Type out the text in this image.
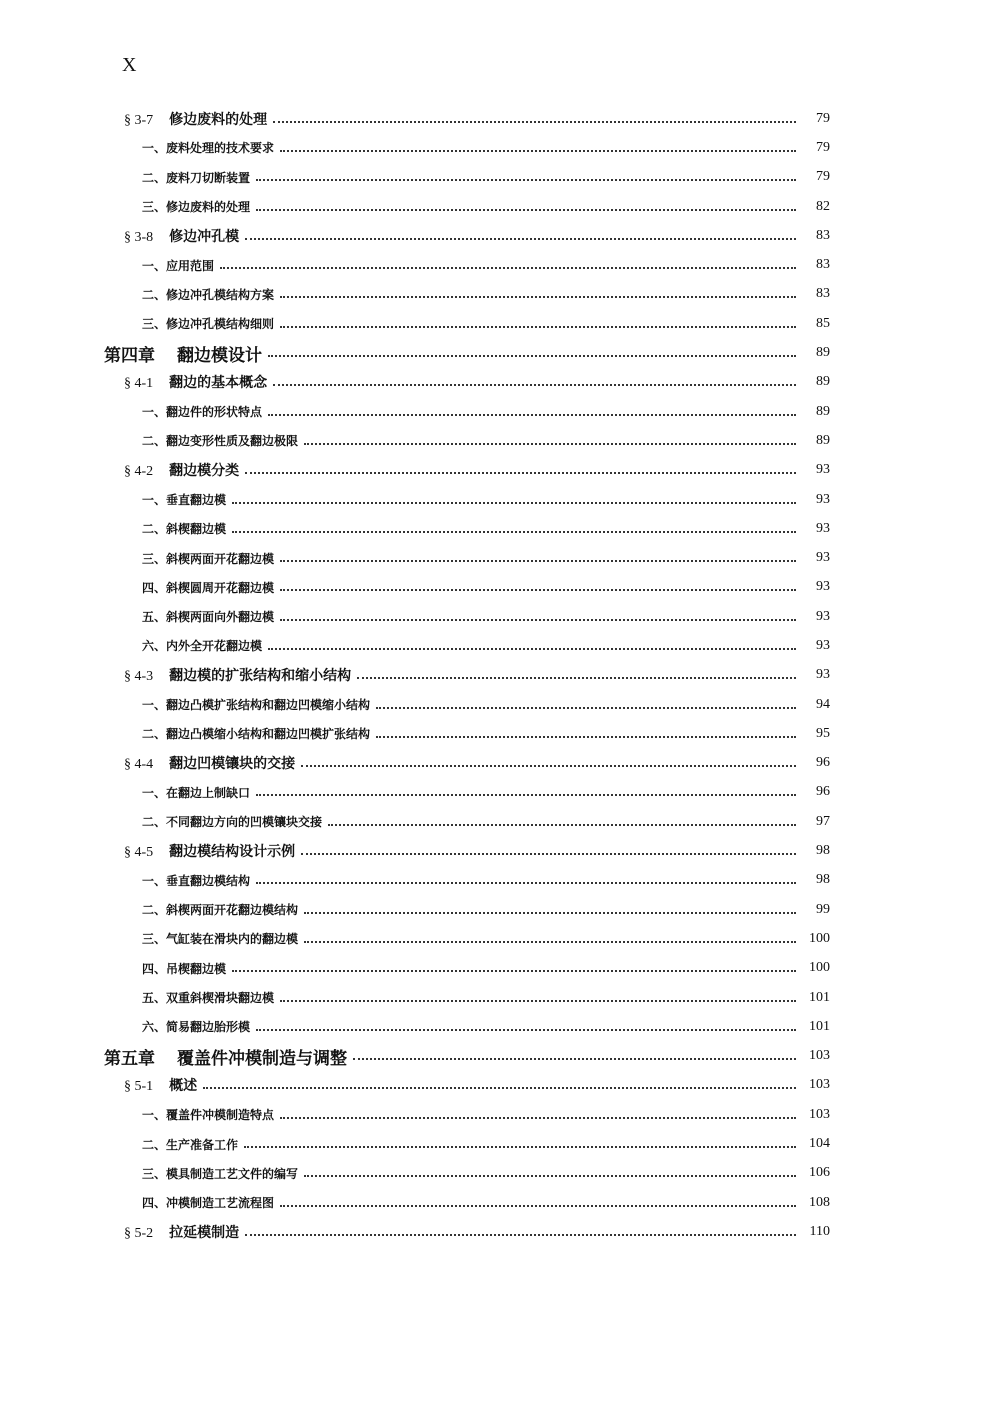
X
§ 3-7 修边废料的处理	79
一、废料处理的技术要求	79
二、废料刀切断装置	79
三、修边废料的处理	82
§ 3-8 修边冲孔模	83
一、应用范围	83
二、修边冲孔模结构方案	83
三、修边冲孔模结构细则	85
第四章 翻边模设计	89
§ 4-1 翻边的基本概念	89
一、翻边件的形状特点	89
二、翻边变形性质及翻边极限	89
§ 4-2 翻边模分类	93
一、垂直翻边模	93
二、斜楔翻边模	93
三、斜楔两面开花翻边模	93
四、斜楔圆周开花翻边模	93
五、斜楔两面向外翻边模	93
六、内外全开花翻边模	93
§ 4-3 翻边模的扩张结构和缩小结构	93
一、翻边凸模扩张结构和翻边凹模缩小结构	94
二、翻边凸模缩小结构和翻边凹模扩张结构	95
§ 4-4 翻边凹模镶块的交接	96
一、在翻边上制缺口	96
二、不同翻边方向的凹模镶块交接	97
§ 4-5 翻边模结构设计示例	98
一、垂直翻边模结构	98
二、斜楔两面开花翻边模结构	99
三、气缸装在滑块内的翻边模	100
四、吊楔翻边模	100
五、双重斜楔滑块翻边模	101
六、简易翻边胎形模	101
第五章 覆盖件冲模制造与调整	103
§ 5-1 概述	103
一、覆盖件冲模制造特点	103
二、生产准备工作	104
三、模具制造工艺文件的编写	106
四、冲模制造工艺流程图	108
§ 5-2 拉延模制造	110
